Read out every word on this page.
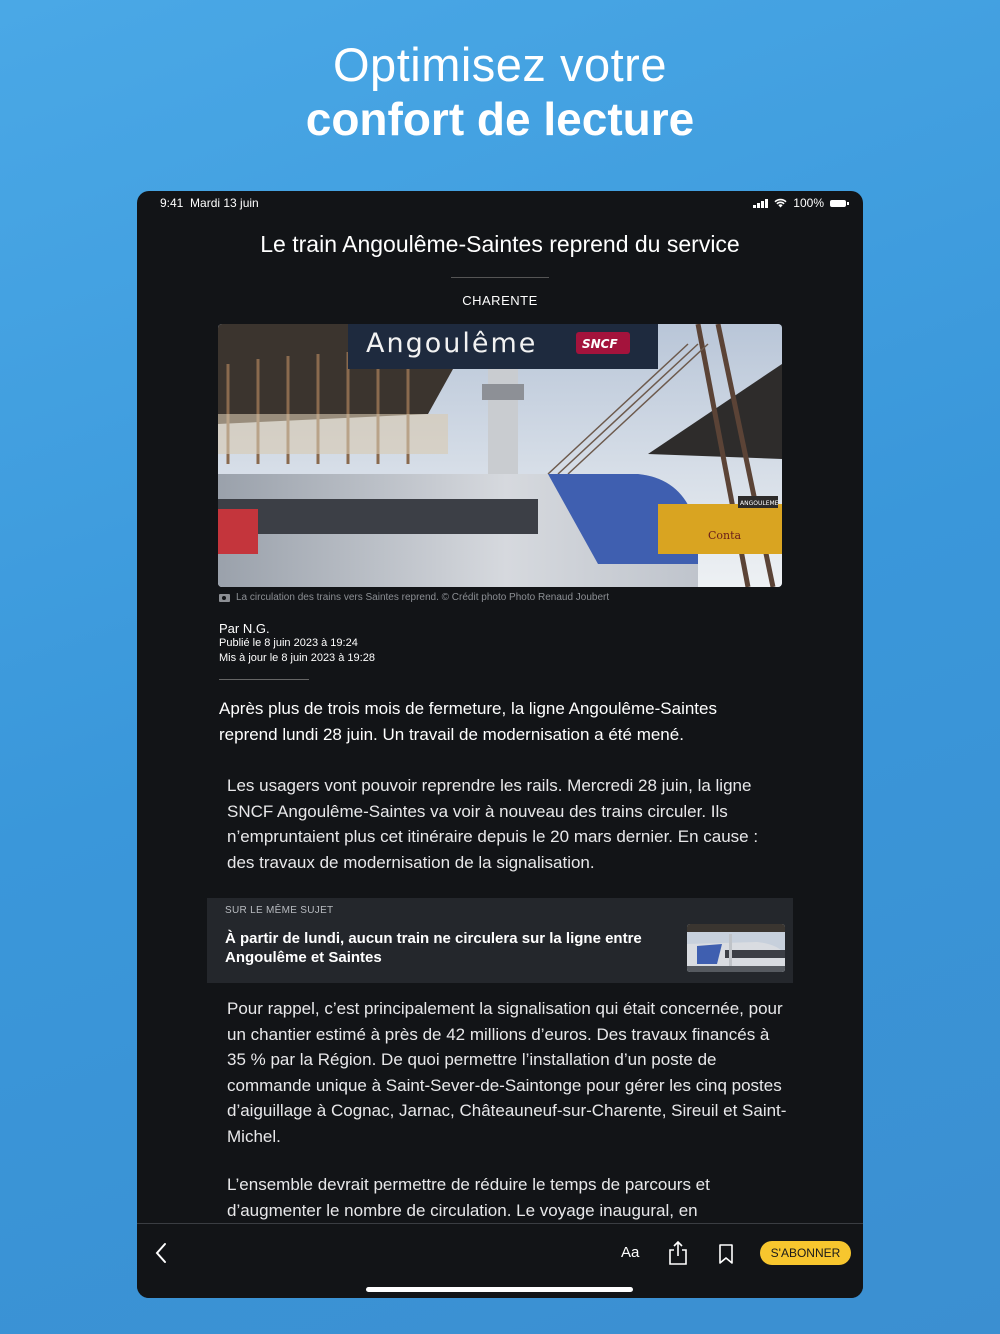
Optimisez votre
confort de lecture
9:41 Mardi 13 juin	100%
Le train Angoulême-Saintes reprend du service
CHARENTE
Conta
ANGOULEME
Angoulême	SNCF
La circulation des trains vers Saintes reprend. © Crédit photo Photo Renaud Joubert
Par N.G.
Publié le 8 juin 2023 à 19:24
Mis à jour le 8 juin 2023 à 19:28
Après plus de trois mois de fermeture, la ligne Angoulême-Saintes reprend lundi 28 juin. Un travail de modernisation a été mené.
Les usagers vont pouvoir reprendre les rails. Mercredi 28 juin, la ligne SNCF Angoulême-Saintes va voir à nouveau des trains circuler. Ils n’empruntaient plus cet itinéraire depuis le 20 mars dernier. En cause : des travaux de modernisation de la signalisation.
SUR LE MÊME SUJET
À partir de lundi, aucun train ne circulera sur la ligne entre Angoulême et Saintes
Pour rappel, c’est principalement la signalisation qui était concernée, pour un chantier estimé à près de 42 millions d’euros. Des travaux financés à 35 % par la Région. De quoi permettre l’installation d’un poste de commande unique à Saint-Sever-de-Saintonge pour gérer les cinq postes d’aiguillage à Cognac, Jarnac, Châteauneuf-sur-Charente, Sireuil et Saint-Michel.
L’ensemble devrait permettre de réduire le temps de parcours et d’augmenter le nombre de circulation. Le voyage inaugural, en
Aa	S'ABONNER
